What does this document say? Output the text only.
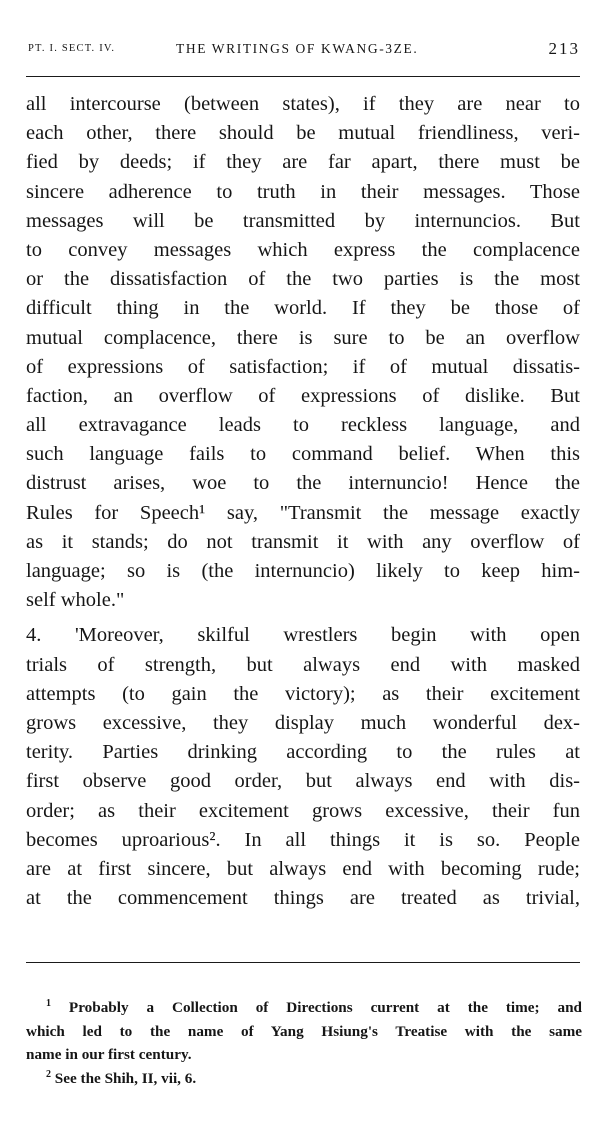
PT. I. SECT. IV.	THE WRITINGS OF KWANG-3ZE.	213
all intercourse (between states), if they are near to
each other, there should be mutual friendliness, veri-
fied by deeds; if they are far apart, there must be
sincere adherence to truth in their messages. Those
messages will be transmitted by internuncios. But
to convey messages which express the complacence
or the dissatisfaction of the two parties is the most
difficult thing in the world. If they be those of
mutual complacence, there is sure to be an overflow
of expressions of satisfaction; if of mutual dissatis-
faction, an overflow of expressions of dislike. But
all extravagance leads to reckless language, and
such language fails to command belief. When this
distrust arises, woe to the internuncio! Hence the
Rules for Speech¹ say, "Transmit the message exactly
as it stands; do not transmit it with any overflow of
language; so is (the internuncio) likely to keep him-
self whole."
4. 'Moreover, skilful wrestlers begin with open
trials of strength, but always end with masked
attempts (to gain the victory); as their excitement
grows excessive, they display much wonderful dex-
terity. Parties drinking according to the rules at
first observe good order, but always end with dis-
order; as their excitement grows excessive, their fun
becomes uproarious². In all things it is so. People
are at first sincere, but always end with becoming rude;
at the commencement things are treated as trivial,
$^1$ Probably a Collection of Directions current at the time; and
which led to the name of Yang Hsiung's Treatise with the same
name in our first century.
$^2$ See the Shih, II, vii, 6.
